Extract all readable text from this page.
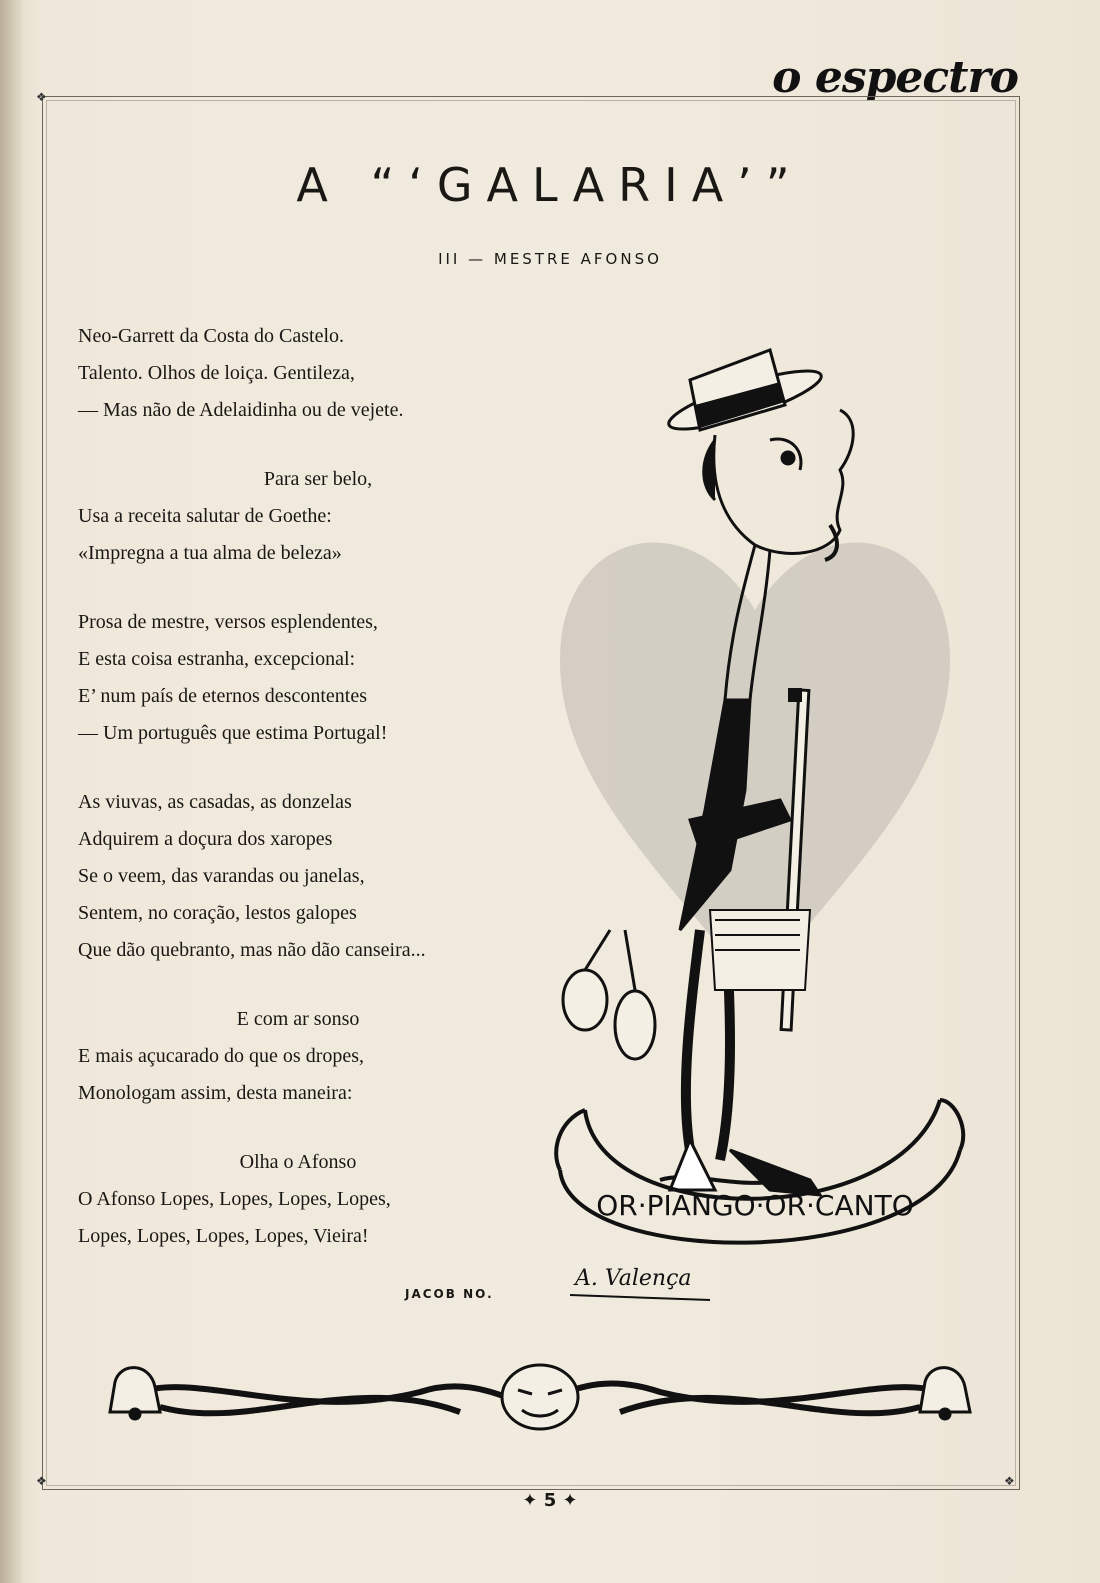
o espectro
❖
❖
❖
A “‘GALARIA’”
III — MESTRE AFONSO
Neo-Garrett da Costa do Castelo.
Talento. Olhos de loiça. Gentileza,
— Mas não de Adelaidinha ou de vejete.
Para ser belo,
Usa a receita salutar de Goethe:
«Impregna a tua alma de beleza»
Prosa de mestre, versos esplendentes,
E esta coisa estranha, excepcional:
E’ num país de eternos descontentes
— Um português que estima Portugal!
As viuvas, as casadas, as donzelas
Adquirem a doçura dos xaropes
Se o veem, das varandas ou janelas,
Sentem, no coração, lestos galopes
Que dão quebranto, mas não dão canseira...
E com ar sonso
E mais açucarado do que os dropes,
Monologam assim, desta maneira:
Olha o Afonso
O Afonso Lopes, Lopes, Lopes, Lopes,
Lopes, Lopes, Lopes, Lopes, Vieira!
JACOB NO.
OR·PIANGO·OR·CANTO
A. Valença
✦ 5 ✦
